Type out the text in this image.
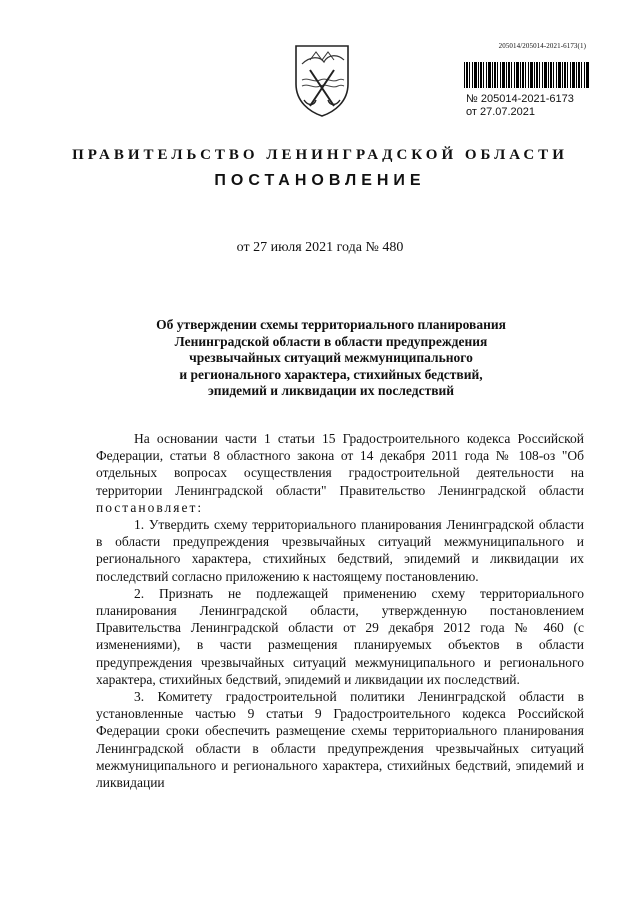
205014/205014-2021-6173(1)
№ 205014-2021-6173
от 27.07.2021
ПРАВИТЕЛЬСТВО ЛЕНИНГРАДСКОЙ ОБЛАСТИ
ПОСТАНОВЛЕНИЕ
от 27 июля 2021 года № 480
Об утверждении схемы территориального планирования
Ленинградской области в области предупреждения
чрезвычайных ситуаций межмуниципального
и регионального характера, стихийных бедствий,
эпидемий и ликвидации их последствий

На основании части 1 статьи 15 Градостроительного кодекса Российской Федерации, статьи 8 областного закона от 14 декабря 2011 года № 108-оз "Об отдельных вопросах осуществления градостроительной деятельности на территории Ленинградской области" Правительство Ленинградской области постановляет:

1. Утвердить схему территориального планирования Ленинградской области в области предупреждения чрезвычайных ситуаций межмуниципального и регионального характера, стихийных бедствий, эпидемий и ликвидации их последствий согласно приложению к настоящему постановлению.

2. Признать не подлежащей применению схему территориального планирования Ленинградской области, утвержденную постановлением Правительства Ленинградской области от 29 декабря 2012 года № 460 (с изменениями), в части размещения планируемых объектов в области предупреждения чрезвычайных ситуаций межмуниципального и регионального характера, стихийных бедствий, эпидемий и ликвидации их последствий.

3. Комитету градостроительной политики Ленинградской области в установленные частью 9 статьи 9 Градостроительного кодекса Российской Федерации сроки обеспечить размещение схемы территориального планирования Ленинградской области в области предупреждения чрезвычайных ситуаций межмуниципального и регионального характера, стихийных бедствий, эпидемий и ликвидации
